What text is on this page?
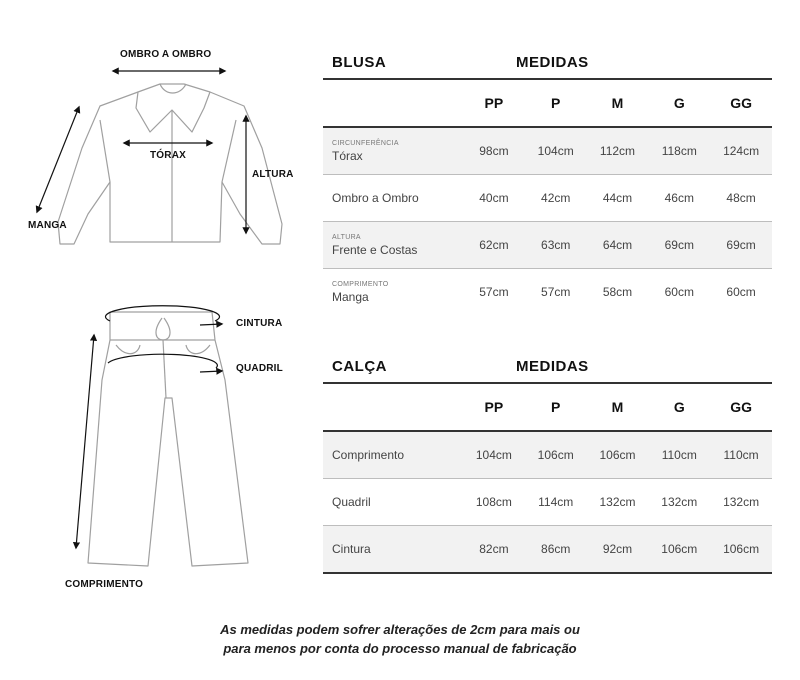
OMBRO A OMBRO
TÓRAX
ALTURA
MANGA
CINTURA
QUADRIL
COMPRIMENTO
BLUSA	MEDIDAS
PP	P	M	G	GG
CIRCUNFERÊNCIA
Tórax	98cm	104cm	112cm	118cm	124cm
Ombro a Ombro	40cm	42cm	44cm	46cm	48cm
ALTURA
Frente e Costas	62cm	63cm	64cm	69cm	69cm
COMPRIMENTO
Manga	57cm	57cm	58cm	60cm	60cm
CALÇA	MEDIDAS
PP	P	M	G	GG
Comprimento	104cm	106cm	106cm	110cm	110cm
Quadril	108cm	114cm	132cm	132cm	132cm
Cintura	82cm	86cm	92cm	106cm	106cm
As medidas podem sofrer alterações de 2cm para mais ou
para menos por conta do processo manual de fabricação
